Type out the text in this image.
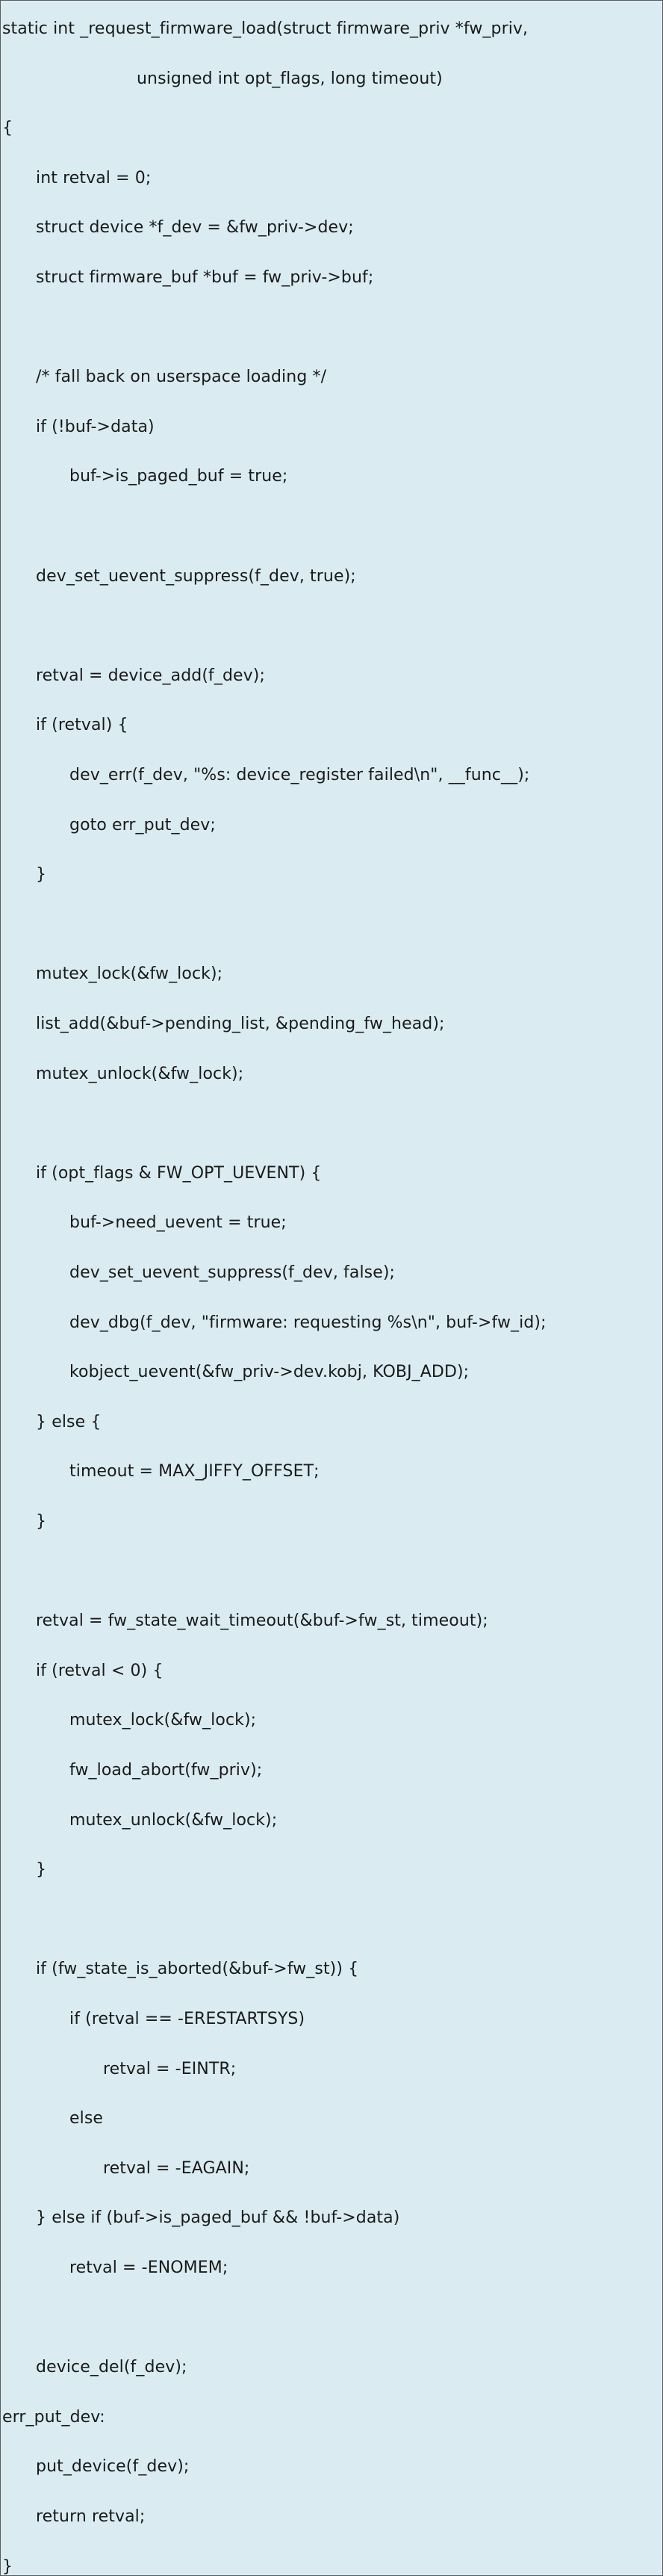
static int _request_firmware_load(struct firmware_priv *fw_priv,
unsigned int opt_flags, long timeout)
{
int retval = 0;
struct device *f_dev = &fw_priv->dev;
struct firmware_buf *buf = fw_priv->buf;
/* fall back on userspace loading */
if (!buf->data)
buf->is_paged_buf = true;
dev_set_uevent_suppress(f_dev, true);
retval = device_add(f_dev);
if (retval) {
dev_err(f_dev, "%s: device_register failed\n", __func__);
goto err_put_dev;
}
mutex_lock(&fw_lock);
list_add(&buf->pending_list, &pending_fw_head);
mutex_unlock(&fw_lock);
if (opt_flags & FW_OPT_UEVENT) {
buf->need_uevent = true;
dev_set_uevent_suppress(f_dev, false);
dev_dbg(f_dev, "firmware: requesting %s\n", buf->fw_id);
kobject_uevent(&fw_priv->dev.kobj, KOBJ_ADD);
} else {
timeout = MAX_JIFFY_OFFSET;
}
retval = fw_state_wait_timeout(&buf->fw_st, timeout);
if (retval < 0) {
mutex_lock(&fw_lock);
fw_load_abort(fw_priv);
mutex_unlock(&fw_lock);
}
if (fw_state_is_aborted(&buf->fw_st)) {
if (retval == -ERESTARTSYS)
retval = -EINTR;
else
retval = -EAGAIN;
} else if (buf->is_paged_buf && !buf->data)
retval = -ENOMEM;
device_del(f_dev);
err_put_dev:
put_device(f_dev);
return retval;
}
